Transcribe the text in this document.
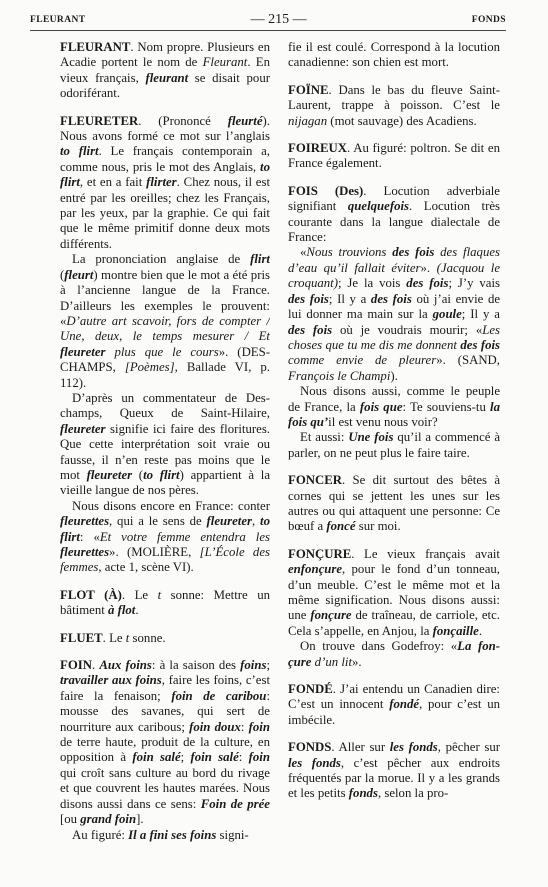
FLEURANT	— 215 —	FONDS

FLEURANT. Nom propre. Plusieurs en Acadie portent le nom de Fleurant. En vieux français, fleurant se disait pour odoriférant.

FLEURETER. (Prononcé fleurté). Nous avons formé ce mot sur l’anglais to flirt. Le français contemporain a, comme nous, pris le mot des Anglais, to flirt, et en a fait flirter. Chez nous, il est entré par les oreilles; chez les Français, par les yeux, par la graphie. Ce qui fait que le même primitif donne deux mots différents.

La prononciation anglaise de flirt (fleurt) montre bien que le mot a été pris à l’ancienne langue de la France. D’ailleurs les exemples le prouvent: «D’autre art scavoir, fors de compter / Une, deux, le temps mesurer / Et fleureter plus que le cours». (DESCHAMPS, [Poèmes], Ballade VI, p. 112).

D’après un commentateur de Deschamps, Queux de Saint-Hilaire, fleureter signifie ici faire des floritures. Que cette interprétation soit vraie ou fausse, il n’en reste pas moins que le mot fleureter (to flirt) appartient à la vieille langue de nos pères.

Nous disons encore en France: conter fleurettes, qui a le sens de fleureter, to flirt: «Et votre femme entendra les fleurettes». (MOLIÈRE, [L’École des femmes, acte 1, scène VI).

FLOT (À). Le t sonne: Mettre un bâtiment à flot.

FLUET. Le t sonne.

FOIN. Aux foins: à la saison des foins; travailler aux foins, faire les foins, c’est faire la fenaison; foin de caribou: mousse des savanes, qui sert de nourriture aux caribous; foin doux: foin de terre haute, produit de la culture, en opposition à foin salé; foin salé: foin qui croît sans culture au bord du rivage et que couvrent les hautes marées. Nous disons aussi dans ce sens: Foin de prée [ou grand foin].

Au figuré: Il a fini ses foins signi-

fie il est coulé. Correspond à la locution canadienne: son chien est mort.

FOÏNE. Dans le bas du fleuve Saint-Laurent, trappe à poisson. C’est le nijagan (mot sauvage) des Acadiens.

FOIREUX. Au figuré: poltron. Se dit en France également.

FOIS (Des). Locution adverbiale signifiant quelquefois. Locution très courante dans la langue dialectale de France:

«Nous trouvions des fois des flaques d’eau qu’il fallait éviter». (Jacquou le croquant); Je la vois des fois; J’y vais des fois; Il y a des fois où j’ai envie de lui donner ma main sur la goule; Il y a des fois où je voudrais mourir; «Les choses que tu me dis me donnent des fois comme envie de pleurer». (SAND, François le Champi).

Nous disons aussi, comme le peuple de France, la fois que: Te souviens-tu la fois qu’il est venu nous voir?

Et aussi: Une fois qu’il a commencé à parler, on ne peut plus le faire taire.

FONCER. Se dit surtout des bêtes à cornes qui se jettent les unes sur les autres ou qui attaquent une personne: Ce bœuf a foncé sur moi.

FONÇURE. Le vieux français avait enfonçure, pour le fond d’un tonneau, d’un meuble. C’est le même mot et la même signification. Nous disons aussi: une fonçure de traîneau, de carriole, etc. Cela s’appelle, en Anjou, la fonçaille.

On trouve dans Godefroy: «La fonçure d’un lit».

FONDÉ. J’ai entendu un Canadien dire: C’est un innocent fondé, pour c’est un imbécile.

FONDS. Aller sur les fonds, pêcher sur les fonds, c’est pêcher aux endroits fréquentés par la morue. Il y a les grands et les petits fonds, selon la pro-
